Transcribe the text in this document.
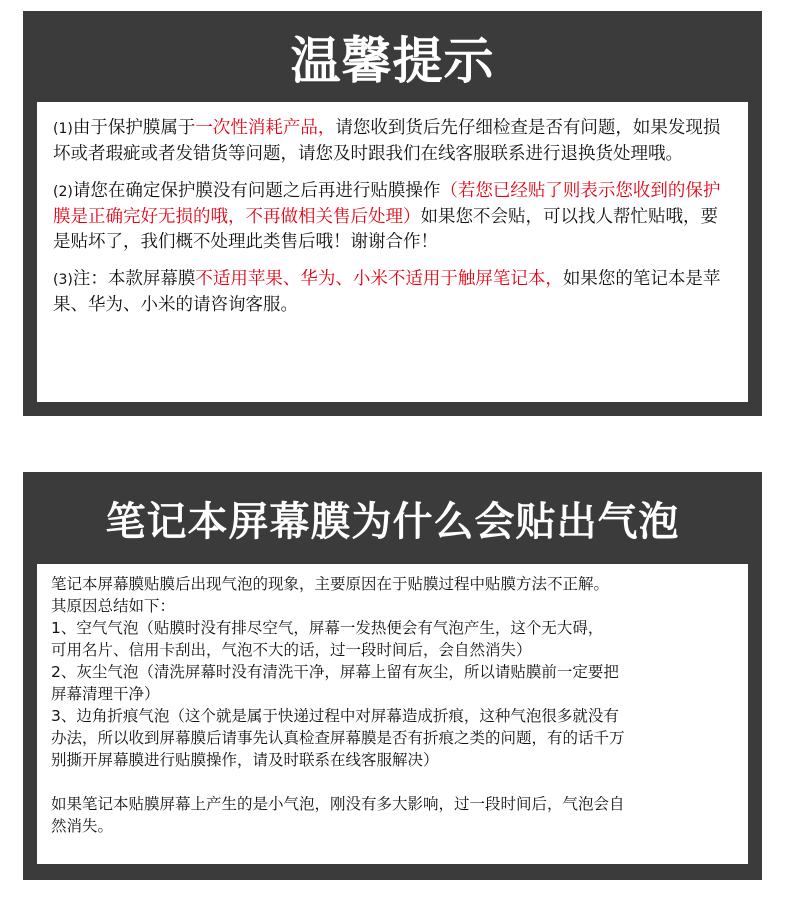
温馨提示

(1)由于保护膜属于一次性消耗产品，请您收到货后先仔细检查是否有问题，如果发现损坏或者瑕疵或者发错货等问题，请您及时跟我们在线客服联系进行退换货处理哦。

(2)请您在确定保护膜没有问题之后再进行贴膜操作（若您已经贴了则表示您收到的保护膜是正确完好无损的哦，不再做相关售后处理）如果您不会贴，可以找人帮忙贴哦，要是贴坏了，我们概不处理此类售后哦！谢谢合作！

(3)注：本款屏幕膜不适用苹果、华为、小米不适用于触屏笔记本，如果您的笔记本是苹果、华为、小米的请咨询客服。

笔记本屏幕膜为什么会贴出气泡

笔记本屏幕膜贴膜后出现气泡的现象，主要原因在于贴膜过程中贴膜方法不正解。

其原因总结如下：

1、空气气泡（贴膜时没有排尽空气，屏幕一发热便会有气泡产生，这个无大碍，

可用名片、信用卡刮出，气泡不大的话，过一段时间后，会自然消失）

2、灰尘气泡（清洗屏幕时没有清洗干净，屏幕上留有灰尘，所以请贴膜前一定要把

屏幕清理干净）

3、边角折痕气泡（这个就是属于快递过程中对屏幕造成折痕，这种气泡很多就没有

办法，所以收到屏幕膜后请事先认真检查屏幕膜是否有折痕之类的问题，有的话千万

别撕开屏幕膜进行贴膜操作，请及时联系在线客服解决）

如果笔记本贴膜屏幕上产生的是小气泡，刚没有多大影响，过一段时间后，气泡会自

然消失。
